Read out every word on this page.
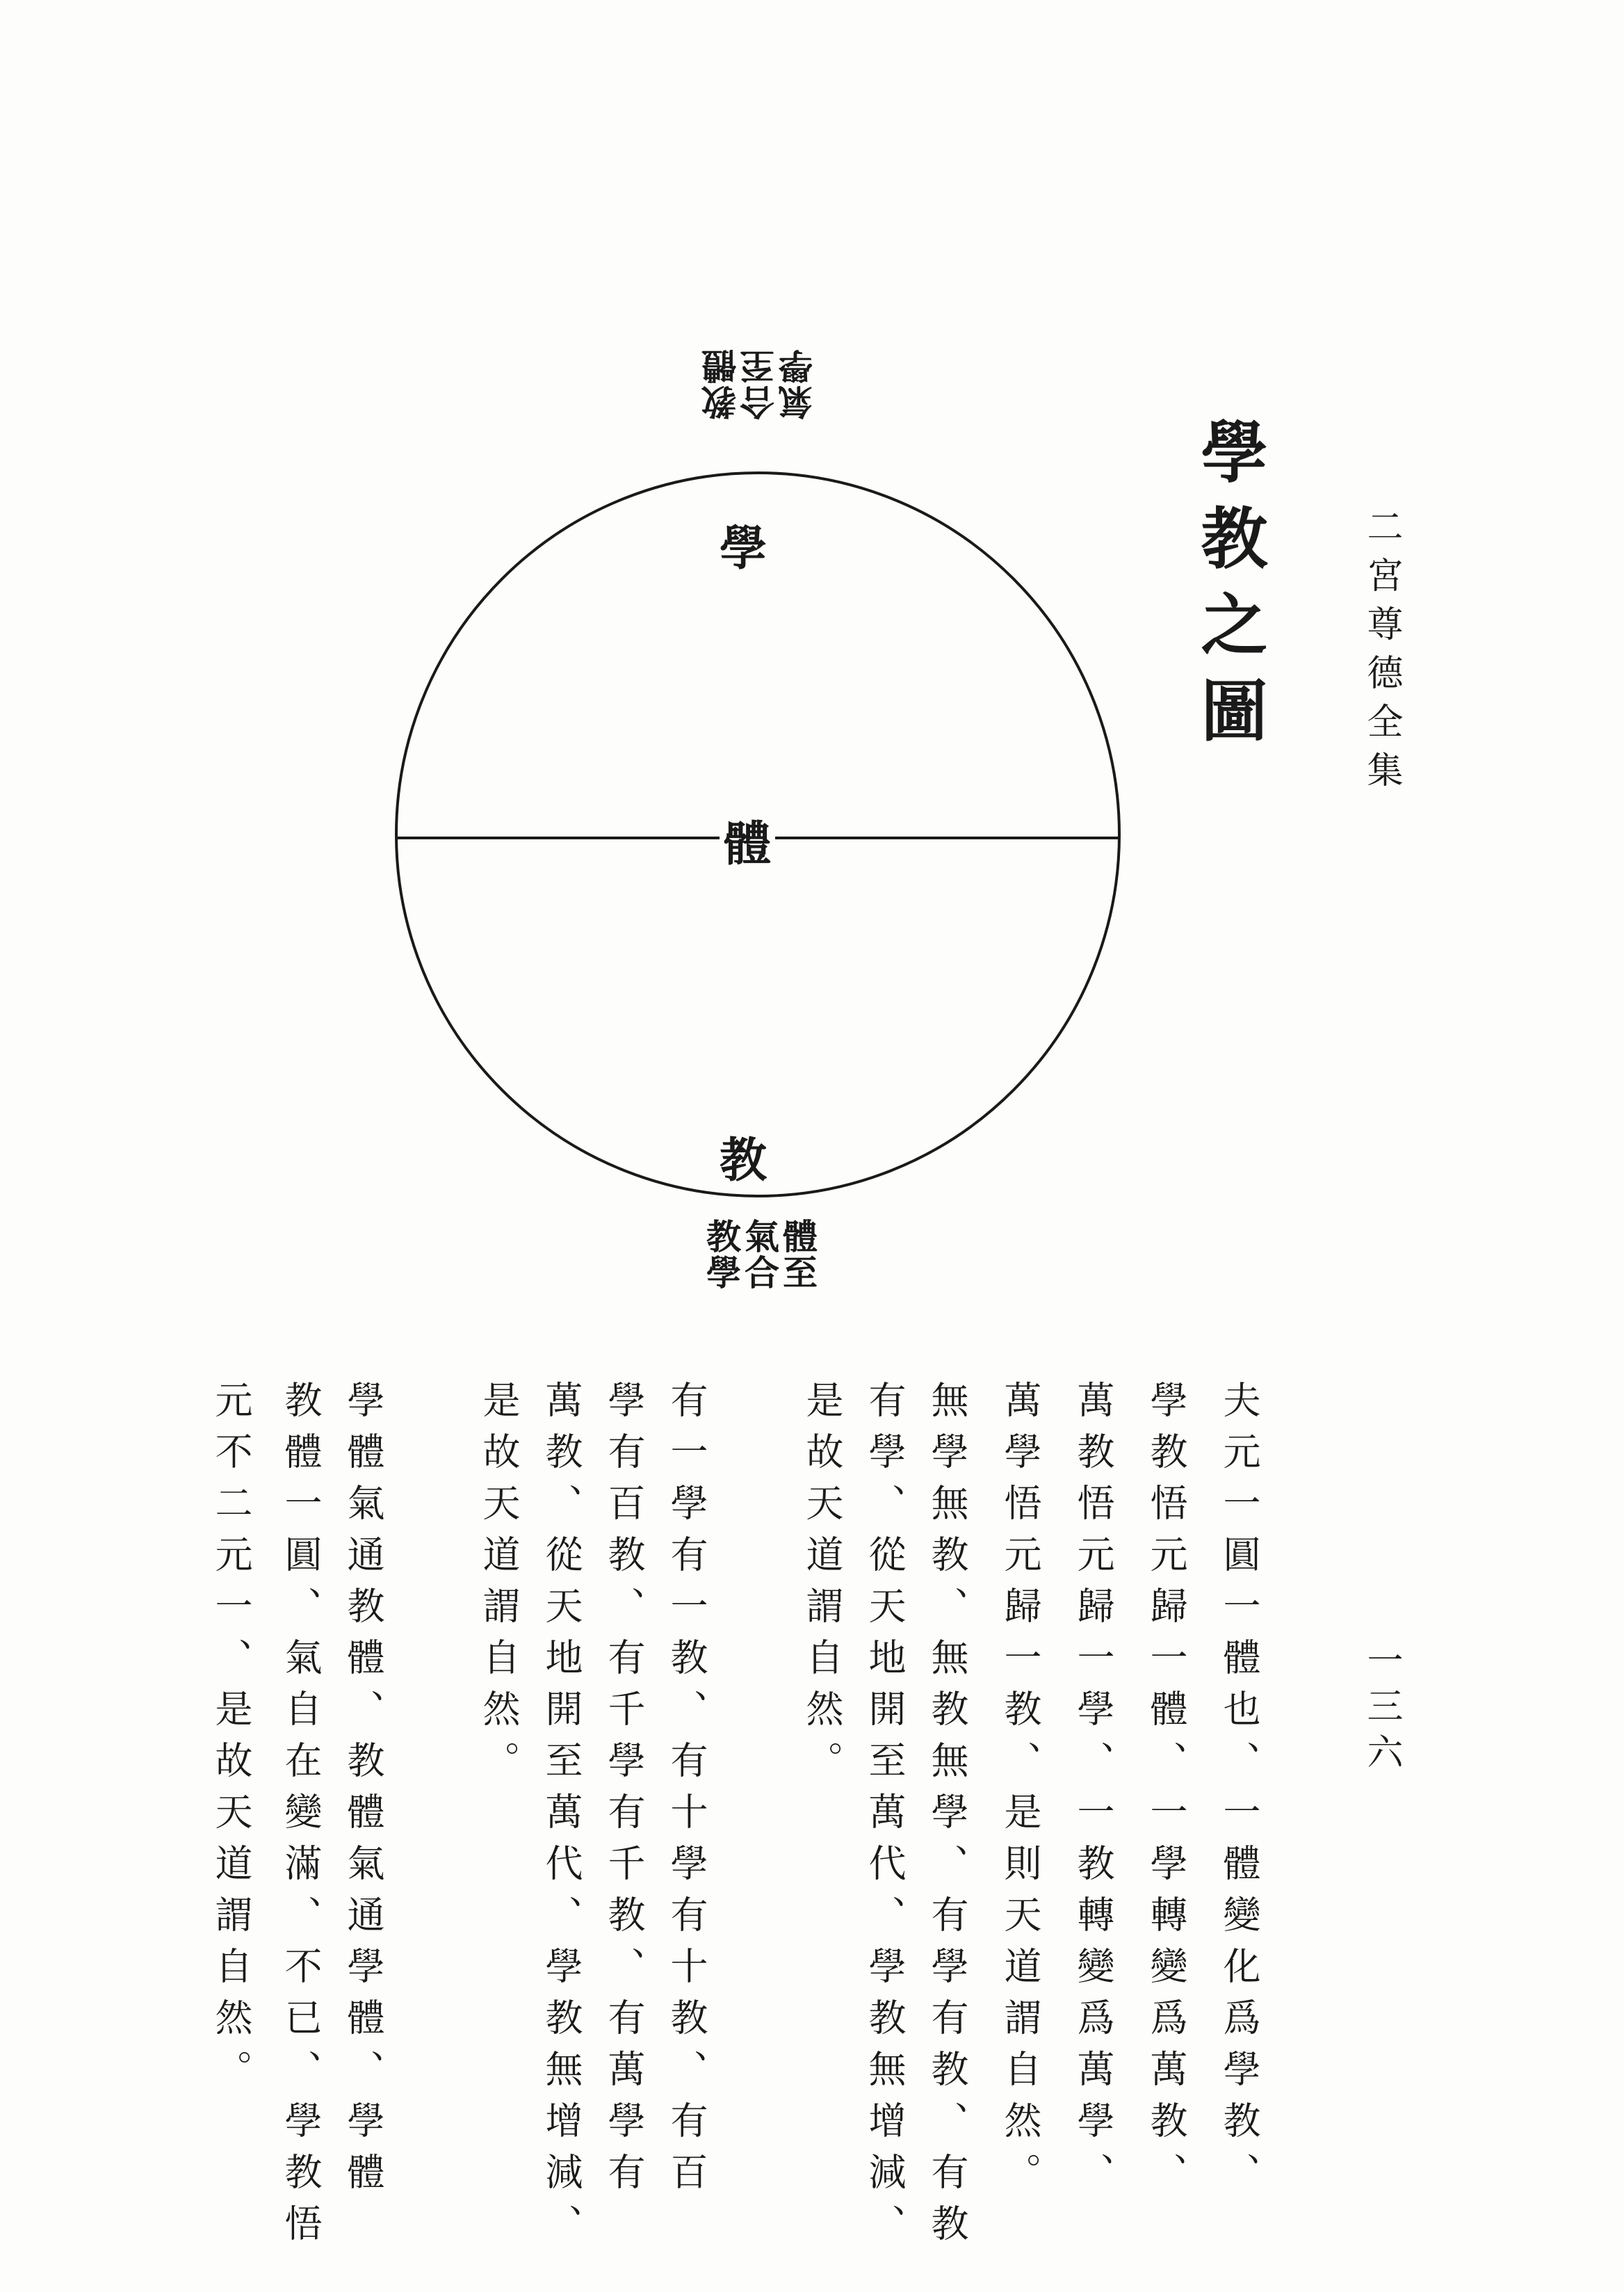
二宮尊德全集
一三六
學教之圖
學
體
教
教體
合至
氣學
體至
氣合
教學
夫元一圓一體也、一體變化爲學教、
學教悟元歸一體、一學轉變爲萬教、
萬教悟元歸一學、一教轉變爲萬學、
萬學悟元歸一教、是則天道謂自然。
無學無教、無教無學、有學有教、有教
有學、從天地開至萬代、學教無增減、
是故天道謂自然。
有一學有一教、有十學有十教、有百
學有百教、有千學有千教、有萬學有
萬教、從天地開至萬代、學教無增減、
是故天道謂自然。
學體氣通教體、教體氣通學體、學體
教體一圓、氣自在變滿、不已、學教悟
元不二元一、是故天道謂自然。
